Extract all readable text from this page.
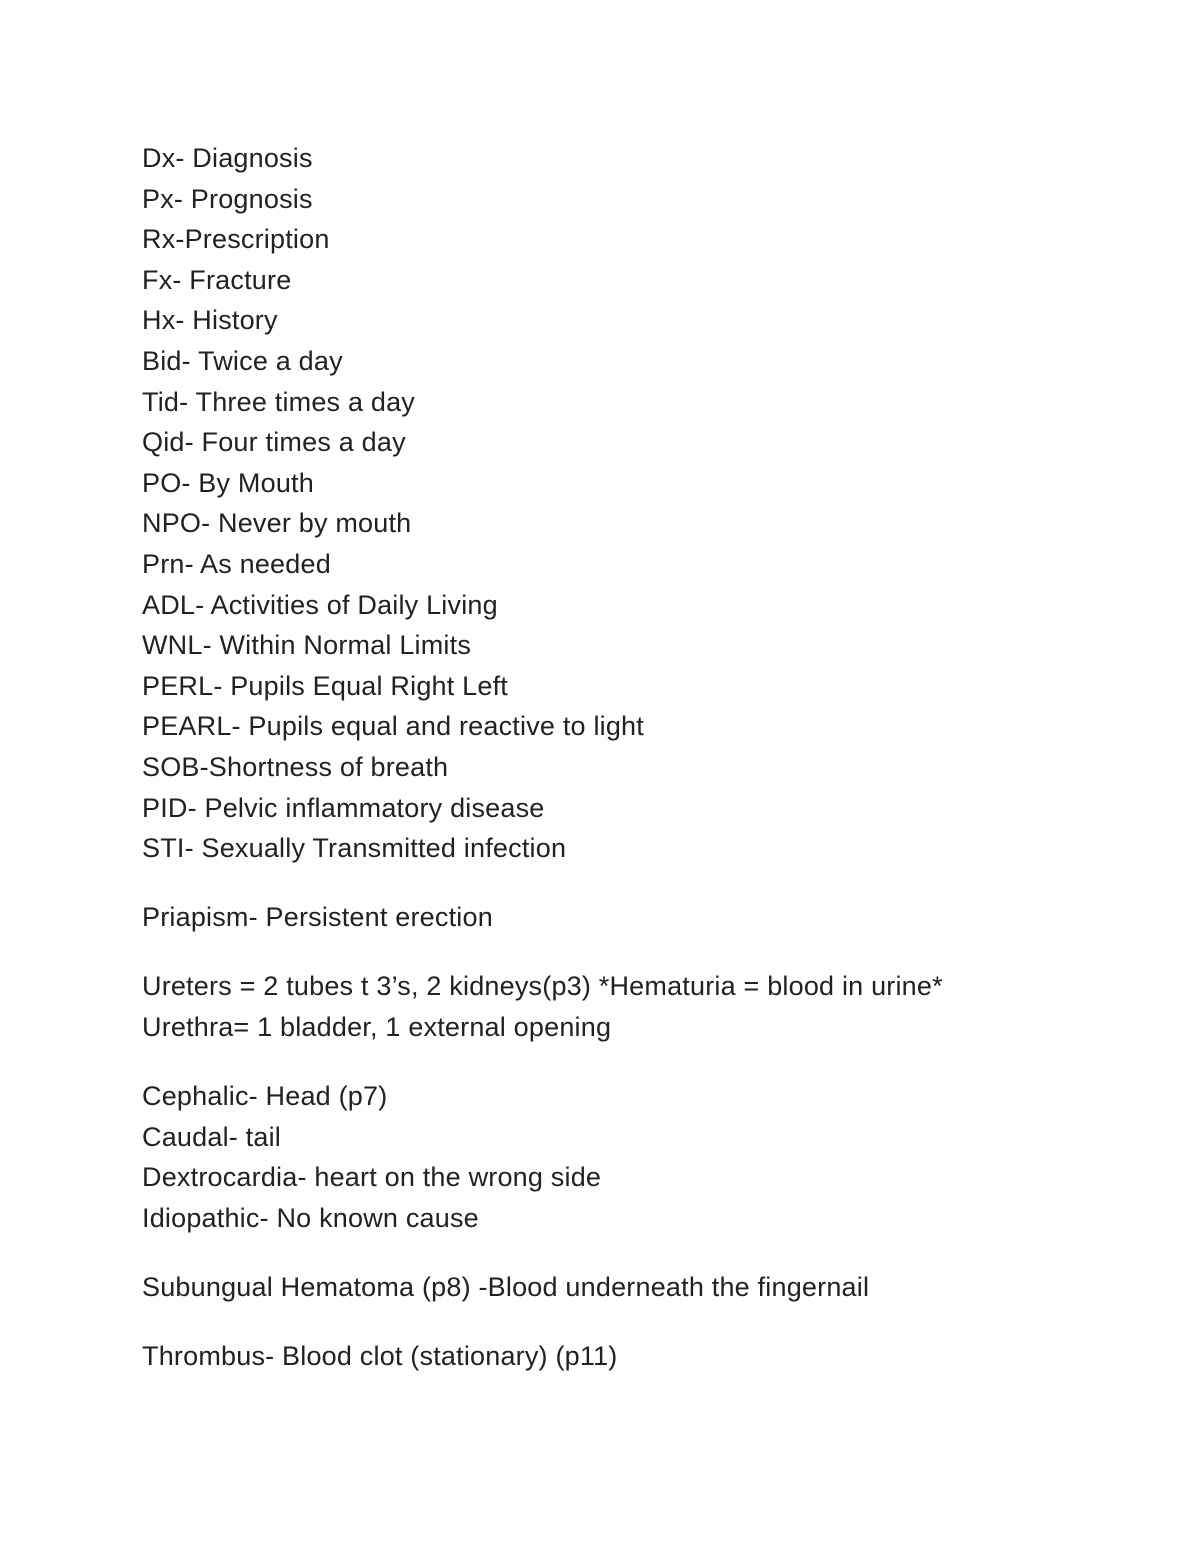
Dx- Diagnosis
Px- Prognosis
Rx-Prescription
Fx- Fracture
Hx- History
Bid- Twice a day
Tid- Three times a day
Qid- Four times a day
PO- By Mouth
NPO- Never by mouth
Prn- As needed
ADL- Activities of Daily Living
WNL- Within Normal Limits
PERL- Pupils Equal Right Left
PEARL- Pupils equal and reactive to light
SOB-Shortness of breath
PID- Pelvic inflammatory disease
STI- Sexually Transmitted infection
Priapism- Persistent erection
Ureters = 2 tubes t 3’s, 2 kidneys(p3) *Hematuria = blood in urine*
Urethra= 1 bladder, 1 external opening
Cephalic- Head (p7)
Caudal- tail
Dextrocardia- heart on the wrong side
Idiopathic- No known cause
Subungual Hematoma (p8) -Blood underneath the fingernail
Thrombus- Blood clot (stationary) (p11)
